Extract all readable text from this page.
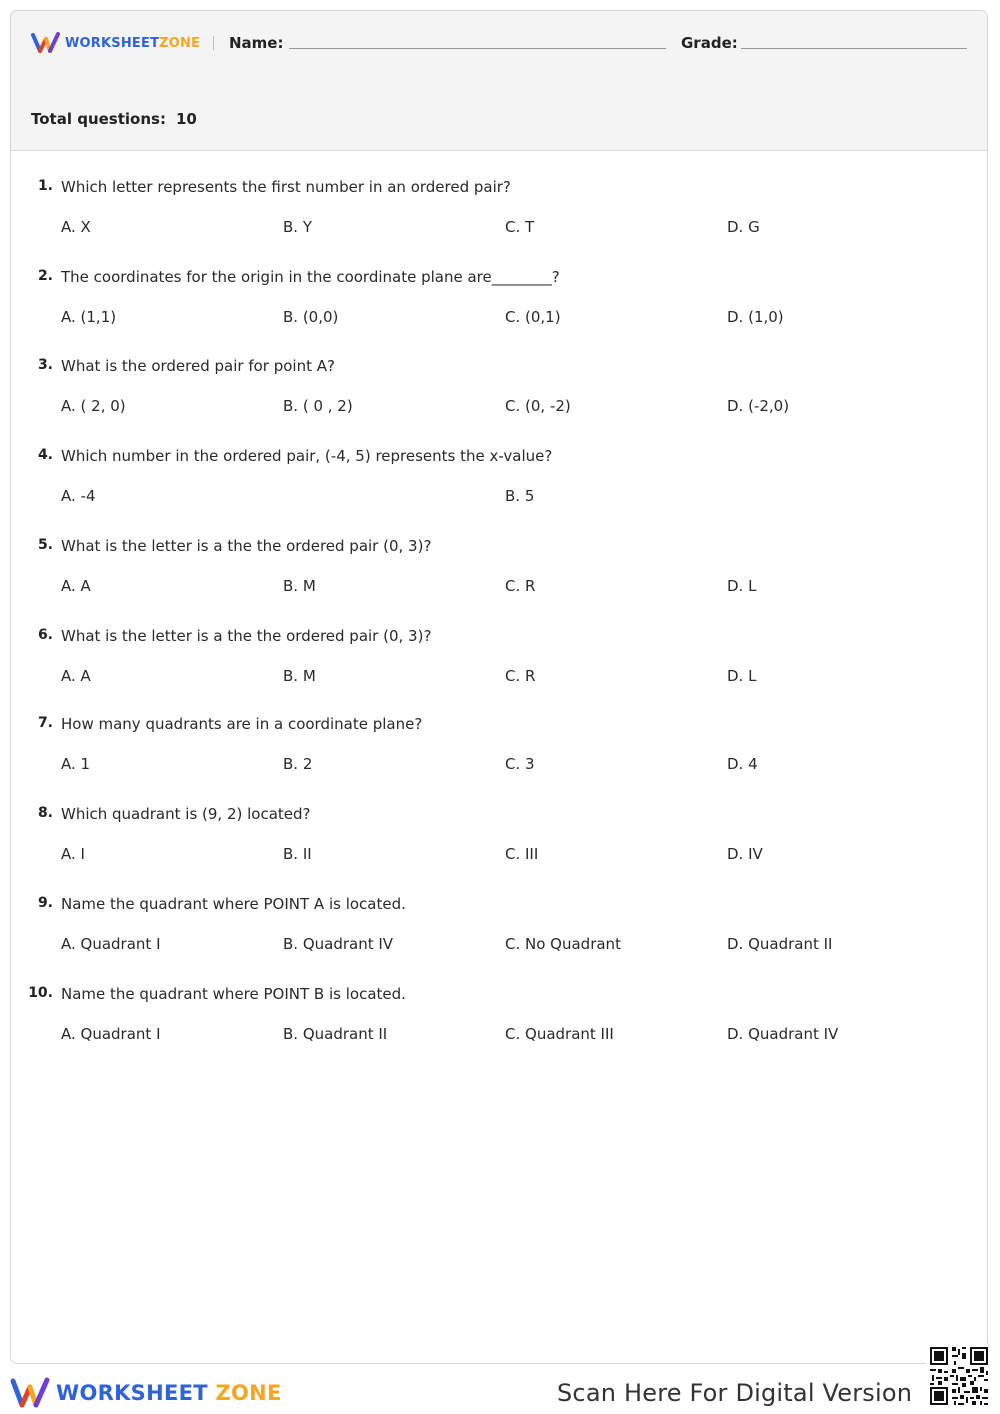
WORKSHEETZONE Name:	Grade:
Total questions: 10
1. Which letter represents the first number in an ordered pair?
A. X	B. Y	C. T	D. G
2. The coordinates for the origin in the coordinate plane are________?
A. (1,1)	B. (0,0)	C. (0,1)	D. (1,0)
3. What is the ordered pair for point A?
A. ( 2, 0)	B. ( 0 , 2)	C. (0, -2)	D. (-2,0)
4. Which number in the ordered pair, (-4, 5) represents the x-value?
A. -4	B. 5
5. What is the letter is a the the ordered pair (0, 3)?
A. A	B. M	C. R	D. L
6. What is the letter is a the the ordered pair (0, 3)?
A. A	B. M	C. R	D. L
7. How many quadrants are in a coordinate plane?
A. 1	B. 2	C. 3	D. 4
8. Which quadrant is (9, 2) located?
A. I	B. II	C. III	D. IV
9. Name the quadrant where POINT A is located.
A. Quadrant I	B. Quadrant IV	C. No Quadrant	D. Quadrant II
10. Name the quadrant where POINT B is located.
A. Quadrant I	B. Quadrant II	C. Quadrant III	D. Quadrant IV
WORKSHEET ZONE	Scan Here For Digital Version
